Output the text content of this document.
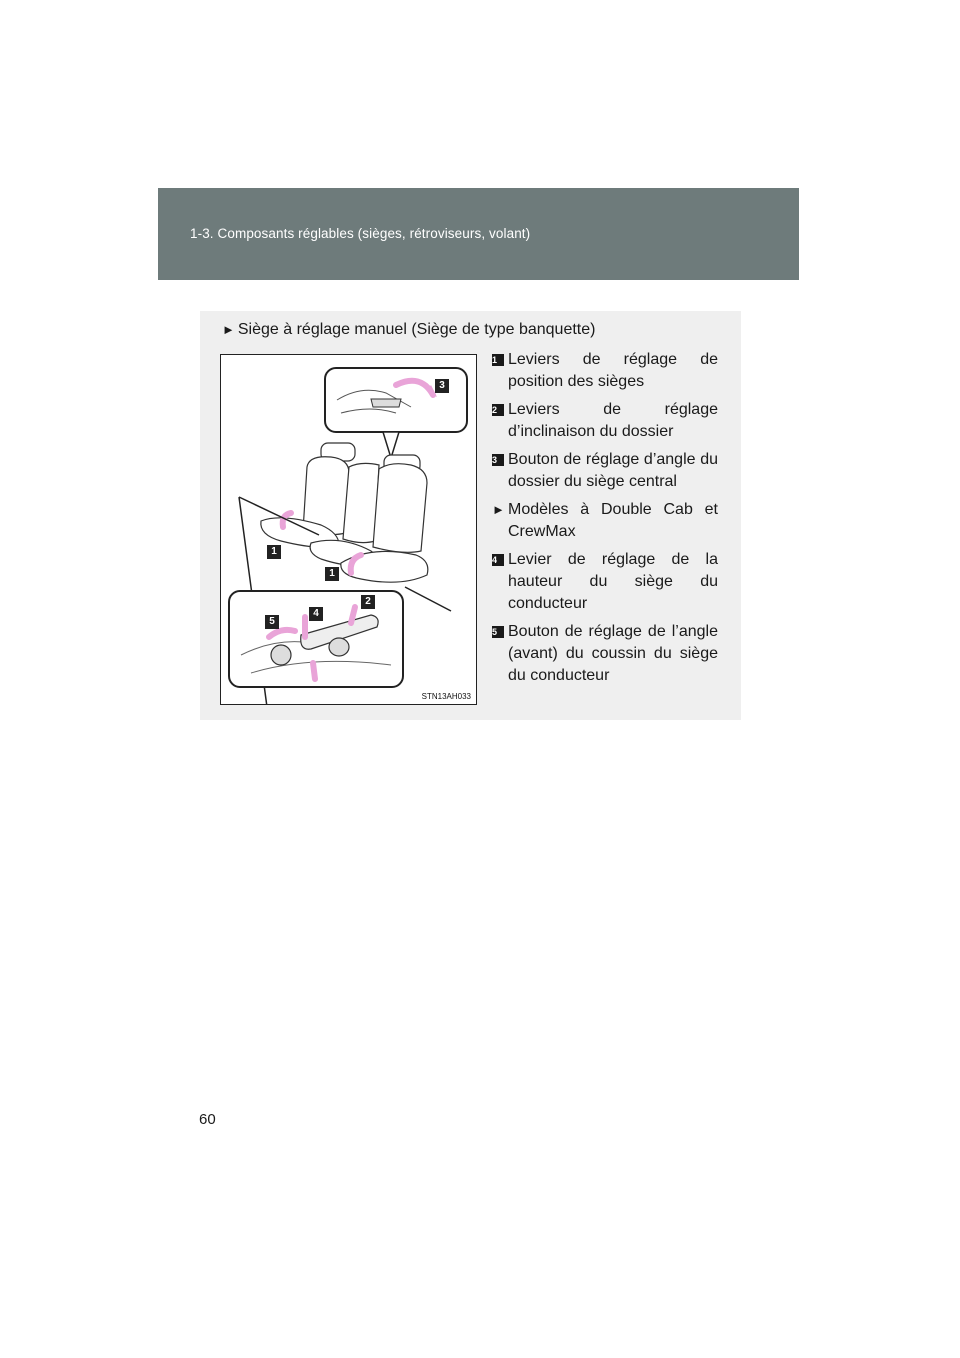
1-3. Composants réglables (sièges, rétroviseurs, volant)
► Siège à réglage manuel (Siège de type banquette)
3
1
1
2
4
5
STN13AH033
1 Leviers de réglage de position des sièges
2 Leviers de réglage d’inclinaison du dossier
3 Bouton de réglage d’angle du dossier du siège central
► Modèles à Double Cab et CrewMax
4 Levier de réglage de la hauteur du siège du conducteur
5 Bouton de réglage de l’angle (avant) du coussin du siège du conducteur
60
